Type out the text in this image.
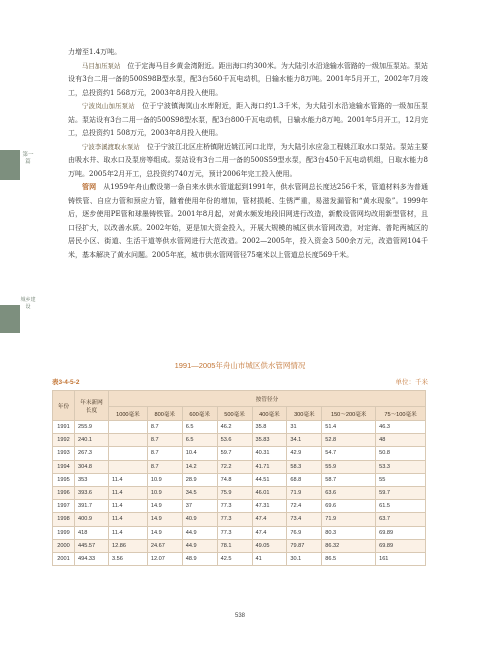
第一篇
城乡建设
力增至1.4万吨。
马目加压泵站　位于定海马目乡黄金湾附近。距出海口约300米。为大陆引水沿途输水管路的一级加压泵站。泵站设有3台二用一备的500S98B型水泵，配3台560千瓦电动机，日输水能力8万吨。2001年5月开工，2002年7月竣工，总投资约1 568万元，2003年8月投入使用。
宁波岚山加压泵站　位于宁波镇海岚山水库附近，距入海口约1.3千米，为大陆引水沿途输水管路的一级加压泵站。泵站设有3台二用一备的500S98型水泵，配3台800千瓦电动机，日输水能力8万吨。2001年5月开工，12月完工，总投资约1 508万元，2003年8月投入使用。
宁波李溪渡取水泵站　位于宁波江北区庄桥镇附近姚江河口北岸，为大陆引水应急工程姚江取水口泵站。泵站主要由吸水井、取水口及泵房等组成。泵站设有3台二用一备的500S59型水泵，配3台450千瓦电动机组，日取水能力8万吨。2005年2月开工，总投资约740万元，预计2006年完工投入使用。
管网　从1959年舟山敷设第一条自来水供水管道起到1991年，供水管网总长度达256千米，管道材料多为普通铸铁管、自应力管和预应力管，随着使用年份的增加，管材损耗、生锈严重，易滋发漏管和“黄水现象”。1999年后，逐步使用PE管和球墨铸铁管。2001年8月起，对黄水频发地段旧网进行改造，新敷设管网均改用新型管材，且口径扩大，以改善水质。2002年始，更是加大资金投入，开展大规模的城区供水管网改造，对定海、普陀两城区的居民小区、街道、生活干道等供水管网进行大范改造。2002—2005年，投入资金3 500余万元，改造管网104千米，基本解决了黄水问题。2005年底，城市供水管网管径75毫米以上管道总长度569千米。
1991—2005年舟山市城区供水管网情况
表3-4-5-2	单位：千米
年份	年末新网长度	按管径分							
		1000毫米	800毫米	600毫米	500毫米	400毫米	300毫米	150～200毫米	75～100毫米
1991	255.9		8.7	6.5	46.2	35.8	31	51.4	46.3
1992	240.1		8.7	6.5	53.6	35.83	34.1	52.8	48
1993	267.3		8.7	10.4	59.7	40.31	42.9	54.7	50.8
1994	304.8		8.7	14.2	72.2	41.71	58.3	55.9	53.3
1995	353	11.4	10.9	28.9	74.8	44.51	68.8	58.7	55
1996	393.6	11.4	10.9	34.5	75.9	46.01	71.9	63.6	59.7
1997	391.7	11.4	14.9	37	77.3	47.31	72.4	69.6	61.5
1998	400.9	11.4	14.9	40.9	77.3	47.4	73.4	71.9	63.7
1999	418	11.4	14.9	44.9	77.3	47.4	76.9	80.3	69.89
2000	445.57	12.86	24.67	44.9	78.1	49.05	79.87	86.32	69.89
2001	494.33	3.56	12.07	48.9	42.5	41	30.1	86.5	161
538
